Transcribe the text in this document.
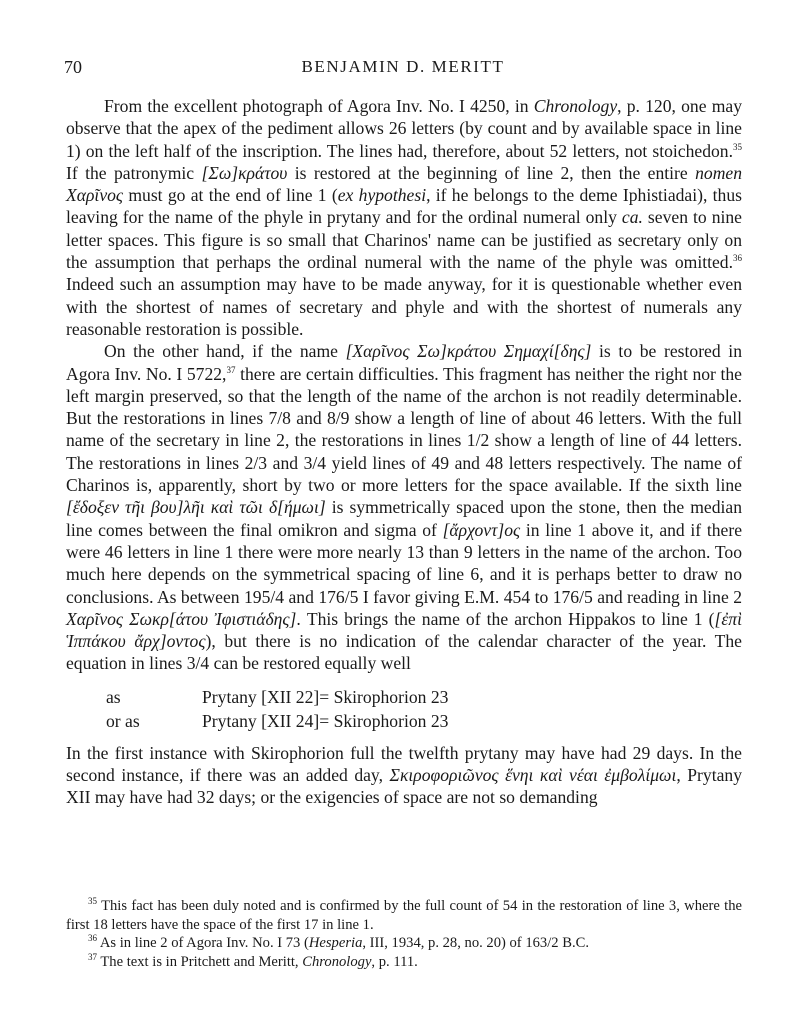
70	BENJAMIN D. MERITT

From the excellent photograph of Agora Inv. No. I 4250, in Chronology, p. 120, one may observe that the apex of the pediment allows 26 letters (by count and by available space in line 1) on the left half of the inscription. The lines had, therefore, about 52 letters, not stoichedon.$^{35}$ If the patronymic [Σω]κράτου is restored at the beginning of line 2, then the entire nomen Χαρῖνος must go at the end of line 1 (ex hypothesi, if he belongs to the deme Iphistiadai), thus leaving for the name of the phyle in prytany and for the ordinal numeral only ca. seven to nine letter spaces. This figure is so small that Charinos' name can be justified as secretary only on the assumption that perhaps the ordinal numeral with the name of the phyle was omitted.$^{36}$ Indeed such an assumption may have to be made anyway, for it is questionable whether even with the shortest of names of secretary and phyle and with the shortest of numerals any reasonable restoration is possible.

On the other hand, if the name [Χαρῖνος Σω]κράτου Σημαχί[δης] is to be restored in Agora Inv. No. I 5722,37 there are certain difficulties. This fragment has neither the right nor the left margin preserved, so that the length of the name of the archon is not readily determinable. But the restorations in lines 7/8 and 8/9 show a length of line of about 46 letters. With the full name of the secretary in line 2, the restorations in lines 1/2 show a length of line of 44 letters. The restorations in lines 2/3 and 3/4 yield lines of 49 and 48 letters respectively. The name of Charinos is, apparently, short by two or more letters for the space available. If the sixth line [ἔδοξεν τῆι βου]λῆι καὶ τῶι δ[ήμωι] is symmetrically spaced upon the stone, then the median line comes between the final omikron and sigma of [ἄρχοντ]ος in line 1 above it, and if there were 46 letters in line 1 there were more nearly 13 than 9 letters in the name of the archon. Too much here depends on the symmetrical spacing of line 6, and it is perhaps better to draw no conclusions. As between 195/4 and 176/5 I favor giving E.M. 454 to 176/5 and reading in line 2 Χαρῖνος Σωκρ[άτου Ἰφιστιάδης]. This brings the name of the archon Hippakos to line 1 ([ἐπὶ Ἱππάκου ἄρχ]οντος), but there is no indication of the calendar character of the year. The equation in lines 3/4 can be restored equally well

as	Prytany [XII 22]= Skirophorion 23
or as	Prytany [XII 24]= Skirophorion 23

In the first instance with Skirophorion full the twelfth prytany may have had 29 days. In the second instance, if there was an added day, Σκιροφοριῶνος ἕνηι καὶ νέαι ἐμβολίμωι, Prytany XII may have had 32 days; or the exigencies of space are not so demanding

$^{35}$ This fact has been duly noted and is confirmed by the full count of 54 in the restoration of line 3, where the first 18 letters have the space of the first 17 in line 1.

$^{36}$ As in line 2 of Agora Inv. No. I 73 (Hesperia, III, 1934, p. 28, no. 20) of 163/2 B.C.

$^{37}$ The text is in Pritchett and Meritt, Chronology, p. 111.
